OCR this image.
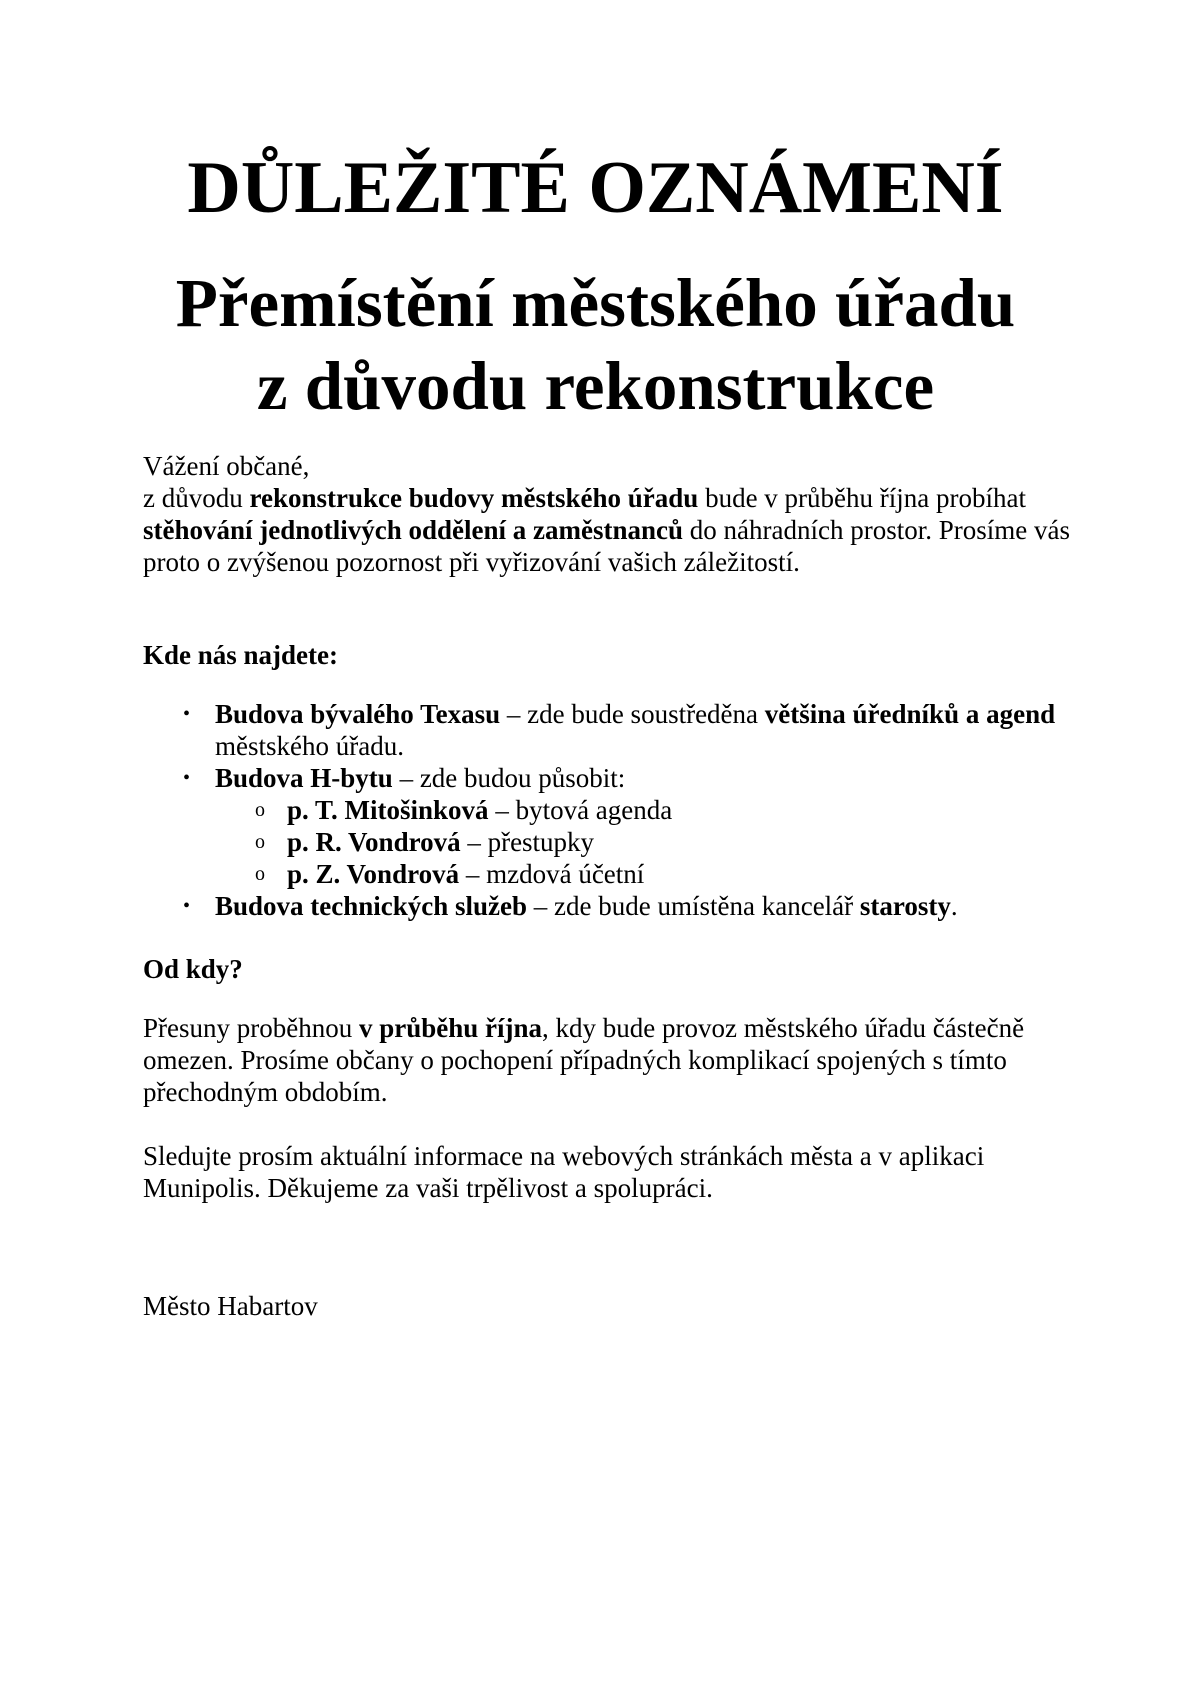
DŮLEŽITÉ OZNÁMENÍ
Přemístění městského úřadu
z důvodu rekonstrukce

Vážení občané,
z důvodu rekonstrukce budovy městského úřadu bude v průběhu října probíhat stěhování jednotlivých oddělení a zaměstnanců do náhradních prostor. Prosíme vás proto o zvýšenou pozornost při vyřizování vašich záležitostí.

Kde nás najdete:

• Budova bývalého Texasu – zde bude soustředěna většina úředníků a agend městského úřadu.
• Budova H-bytu – zde budou působit:
o p. T. Mitošinková – bytová agenda
o p. R. Vondrová – přestupky
o p. Z. Vondrová – mzdová účetní
• Budova technických služeb – zde bude umístěna kancelář starosty.

Od kdy?

Přesuny proběhnou v průběhu října, kdy bude provoz městského úřadu částečně omezen. Prosíme občany o pochopení případných komplikací spojených s tímto přechodným obdobím.

Sledujte prosím aktuální informace na webových stránkách města a v aplikaci Munipolis. Děkujeme za vaši trpělivost a spolupráci.

Město Habartov
